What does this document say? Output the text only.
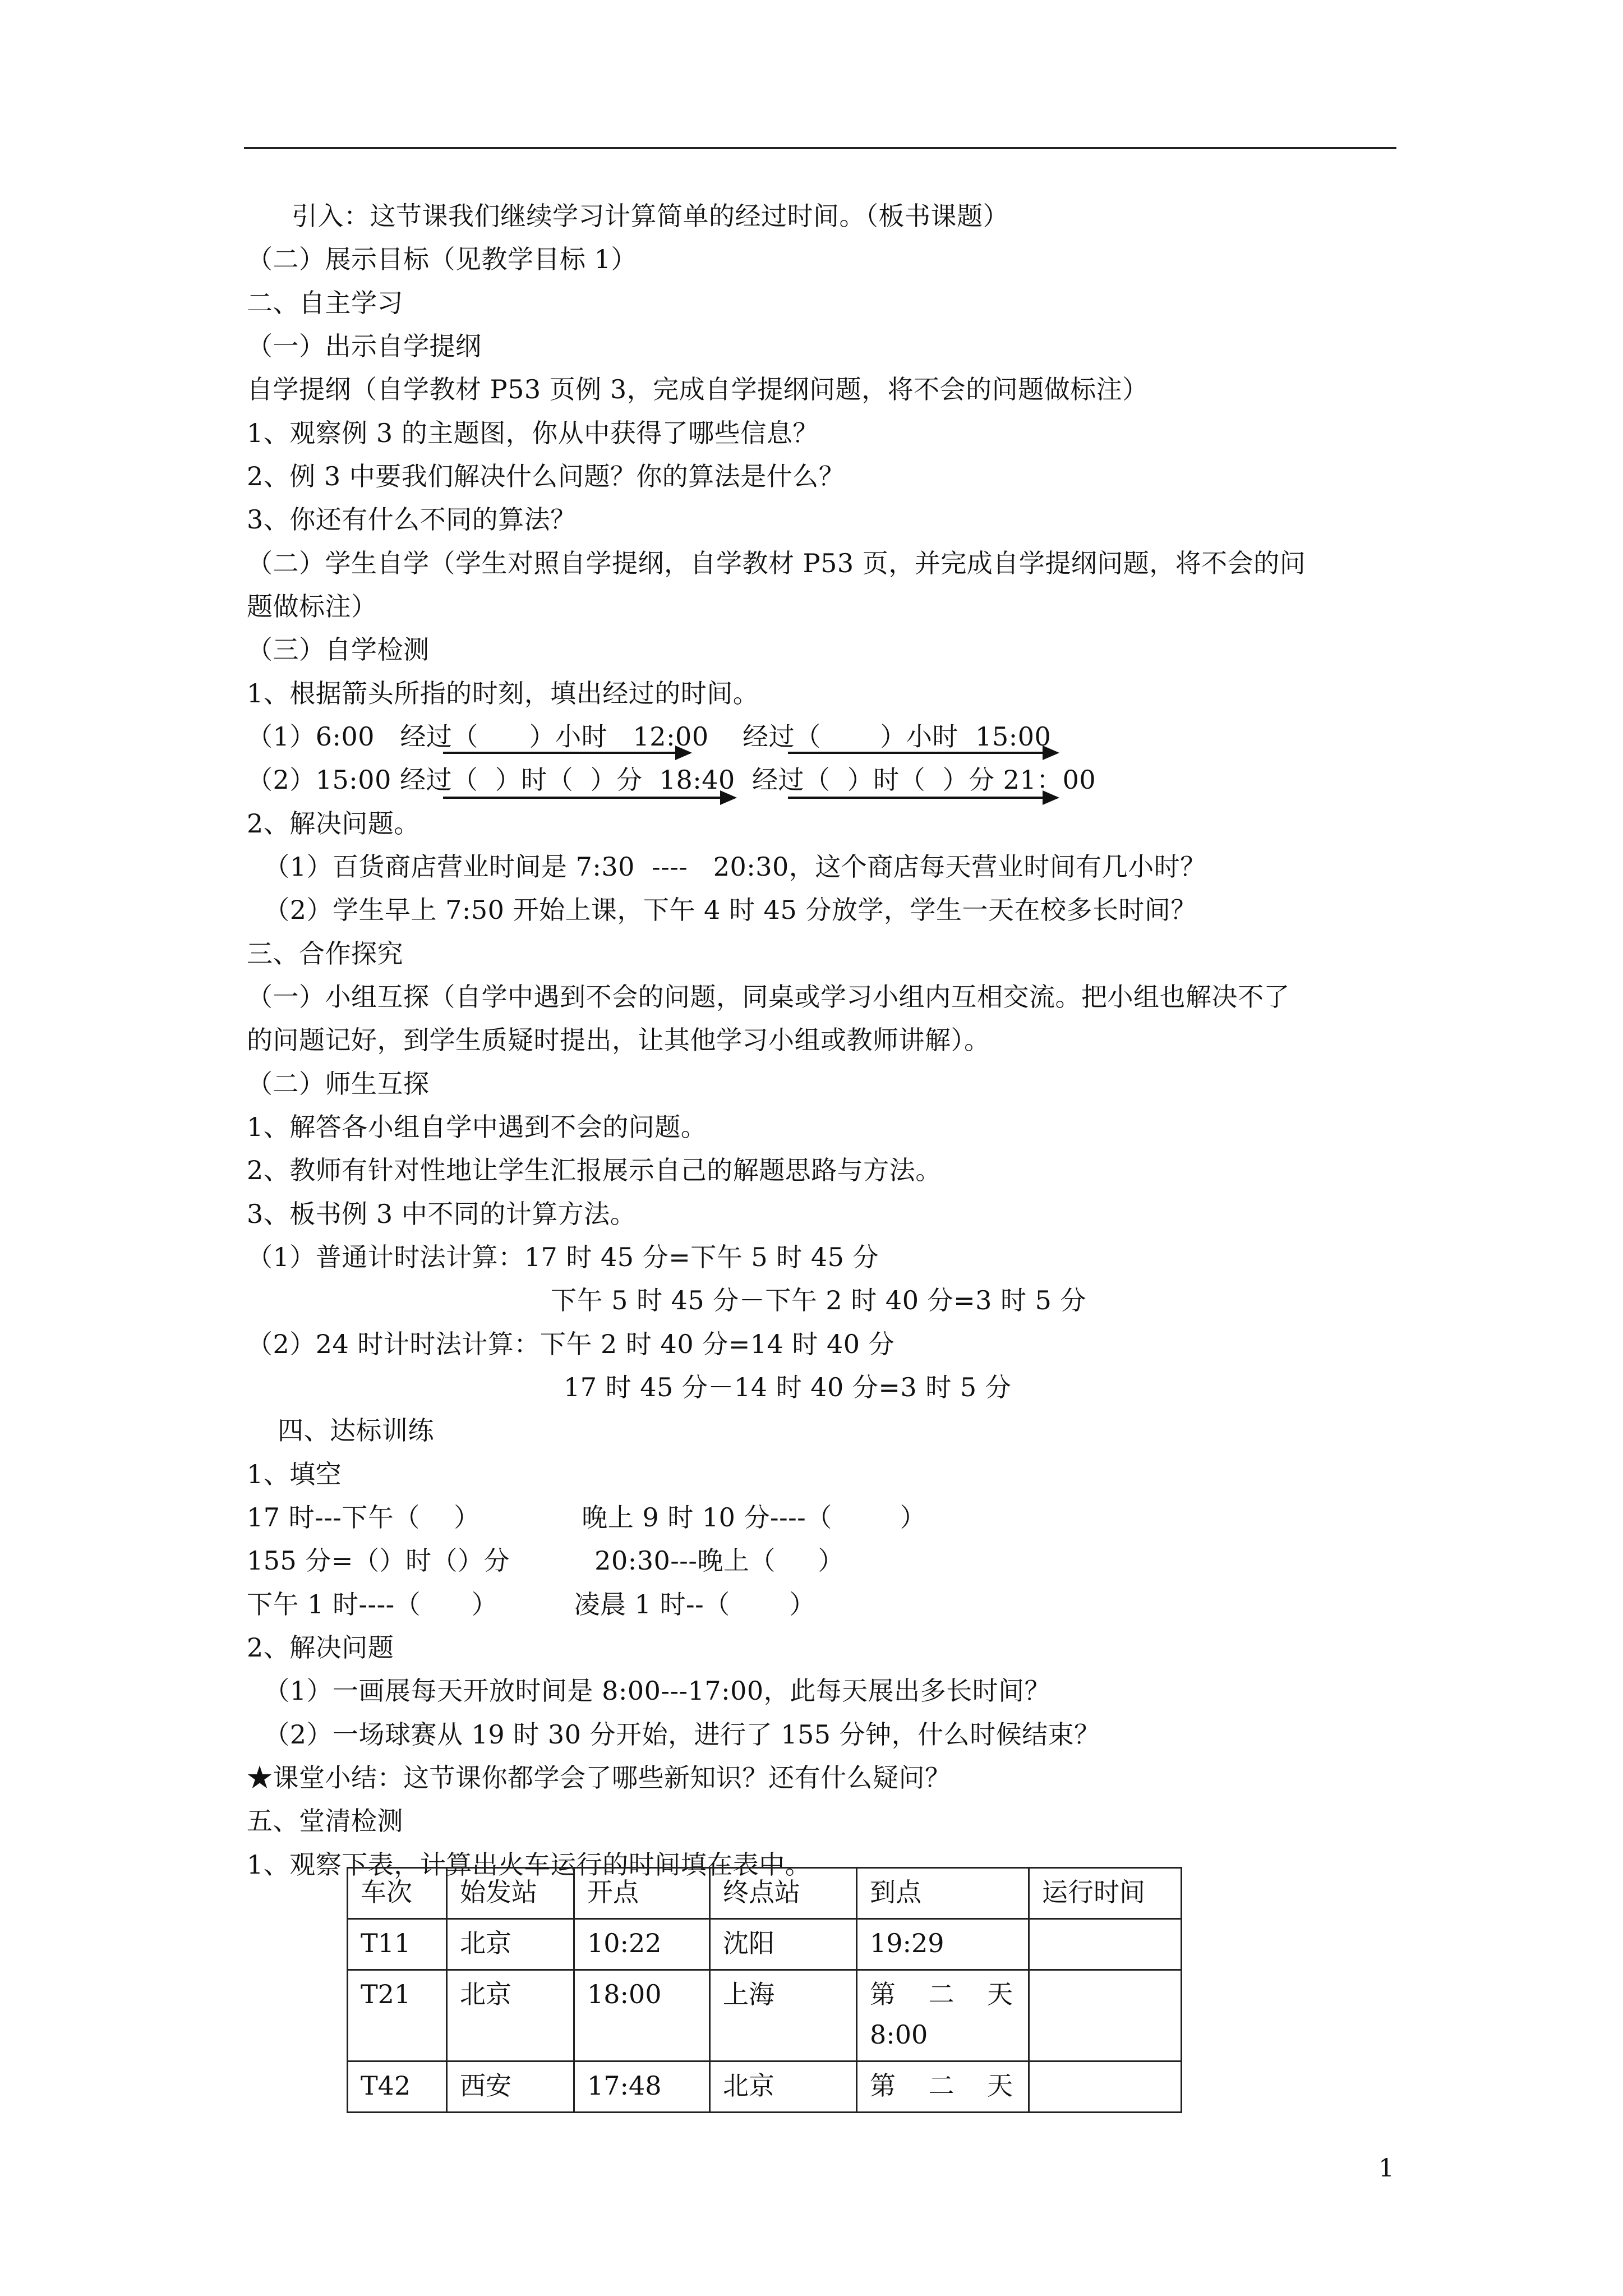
引入：这节课我们继续学习计算简单的经过时间。（板书课题）
（二）展示目标（见教学目标 1）
二、自主学习
（一）出示自学提纲
自学提纲（自学教材 P53 页例 3，完成自学提纲问题，将不会的问题做标注）
1、观察例 3 的主题图，你从中获得了哪些信息？
2、例 3 中要我们解决什么问题？你的算法是什么？
3、你还有什么不同的算法？
（二）学生自学（学生对照自学提纲，自学教材 P53 页，并完成自学提纲问题，将不会的问
题做标注）
（三）自学检测
1、根据箭头所指的时刻，填出经过的时间。
（1）6:00   经过（      ）小时   12:00    经过（       ）小时  15:00
（2）15:00 经过（  ）时（  ）分  18:40  经过（  ）时（  ）分 21：00
2、解决问题。
（1）百货商店营业时间是 7:30  ----   20:30，这个商店每天营业时间有几小时？
（2）学生早上 7:50 开始上课，下午 4 时 45 分放学，学生一天在校多长时间？
三、合作探究
（一）小组互探（自学中遇到不会的问题，同桌或学习小组内互相交流。把小组也解决不了
的问题记好，到学生质疑时提出，让其他学习小组或教师讲解）。
（二）师生互探
1、解答各小组自学中遇到不会的问题。
2、教师有针对性地让学生汇报展示自己的解题思路与方法。
3、板书例 3 中不同的计算方法。
（1）普通计时法计算：17 时 45 分=下午 5 时 45 分
下午 5 时 45 分－下午 2 时 40 分=3 时 5 分
（2）24 时计时法计算：下午 2 时 40 分=14 时 40 分
17 时 45 分－14 时 40 分=3 时 5 分
四、达标训练
1、填空
17 时---下午（    ）            晚上 9 时 10 分----（        ）
155 分=（）时（）分          20:30---晚上（     ）
下午 1 时----（      ）         凌晨 1 时--（       ）
2、解决问题
（1）一画展每天开放时间是 8:00---17:00，此每天展出多长时间？
（2）一场球赛从 19 时 30 分开始，进行了 155 分钟，什么时候结束？
★课堂小结：这节课你都学会了哪些新知识？还有什么疑问？
五、堂清检测
1、观察下表，计算出火车运行的时间填在表中。
车次	始发站	开点	终点站	到点	运行时间
T11	北京	10:22	沈阳	19:29	
T21	北京	18:00	上海	第    二    天
8:00	
T42	西安	17:48	北京	第    二    天	
1
